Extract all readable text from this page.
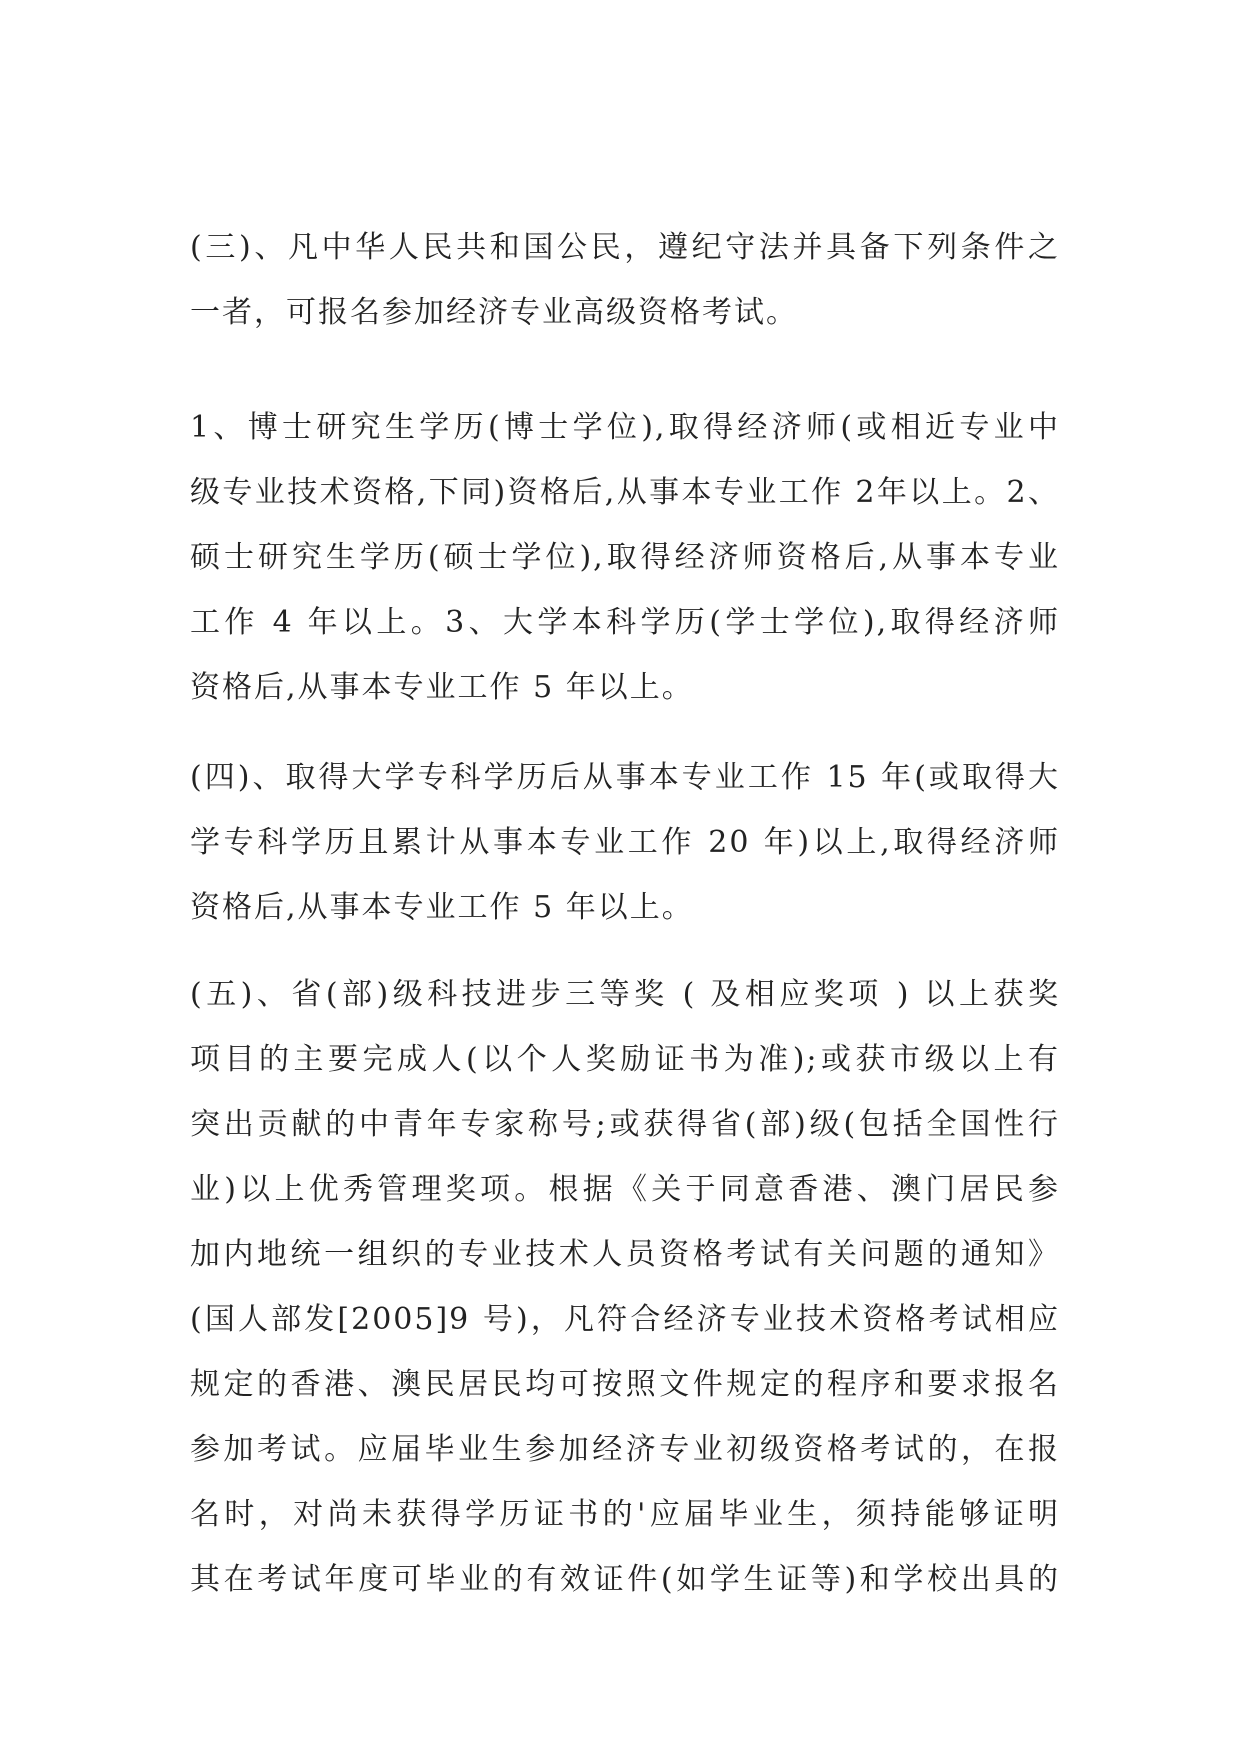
(三)、凡中华人民共和国公民，遵纪守法并具备下列条件之
一者，可报名参加经济专业高级资格考试。
1、博士研究生学历(博士学位),取得经济师(或相近专业中
级专业技术资格,下同)资格后,从事本专业工作 2年以上。2、
硕士研究生学历(硕士学位),取得经济师资格后,从事本专业
工作 4 年以上。3、大学本科学历(学士学位),取得经济师
资格后,从事本专业工作 5 年以上。
(四)、取得大学专科学历后从事本专业工作 15 年(或取得大
学专科学历且累计从事本专业工作 20 年)以上,取得经济师
资格后,从事本专业工作 5 年以上。
(五)、省(部)级科技进步三等奖 ( 及相应奖项 ) 以上获奖
项目的主要完成人(以个人奖励证书为准);或获市级以上有
突出贡献的中青年专家称号;或获得省(部)级(包括全国性行
业)以上优秀管理奖项。根据《关于同意香港、澳门居民参
加内地统一组织的专业技术人员资格考试有关问题的通知》
(国人部发[2005]9 号)，凡符合经济专业技术资格考试相应
规定的香港、澳民居民均可按照文件规定的程序和要求报名
参加考试。应届毕业生参加经济专业初级资格考试的，在报
名时，对尚未获得学历证书的'应届毕业生，须持能够证明
其在考试年度可毕业的有效证件(如学生证等)和学校出具的
